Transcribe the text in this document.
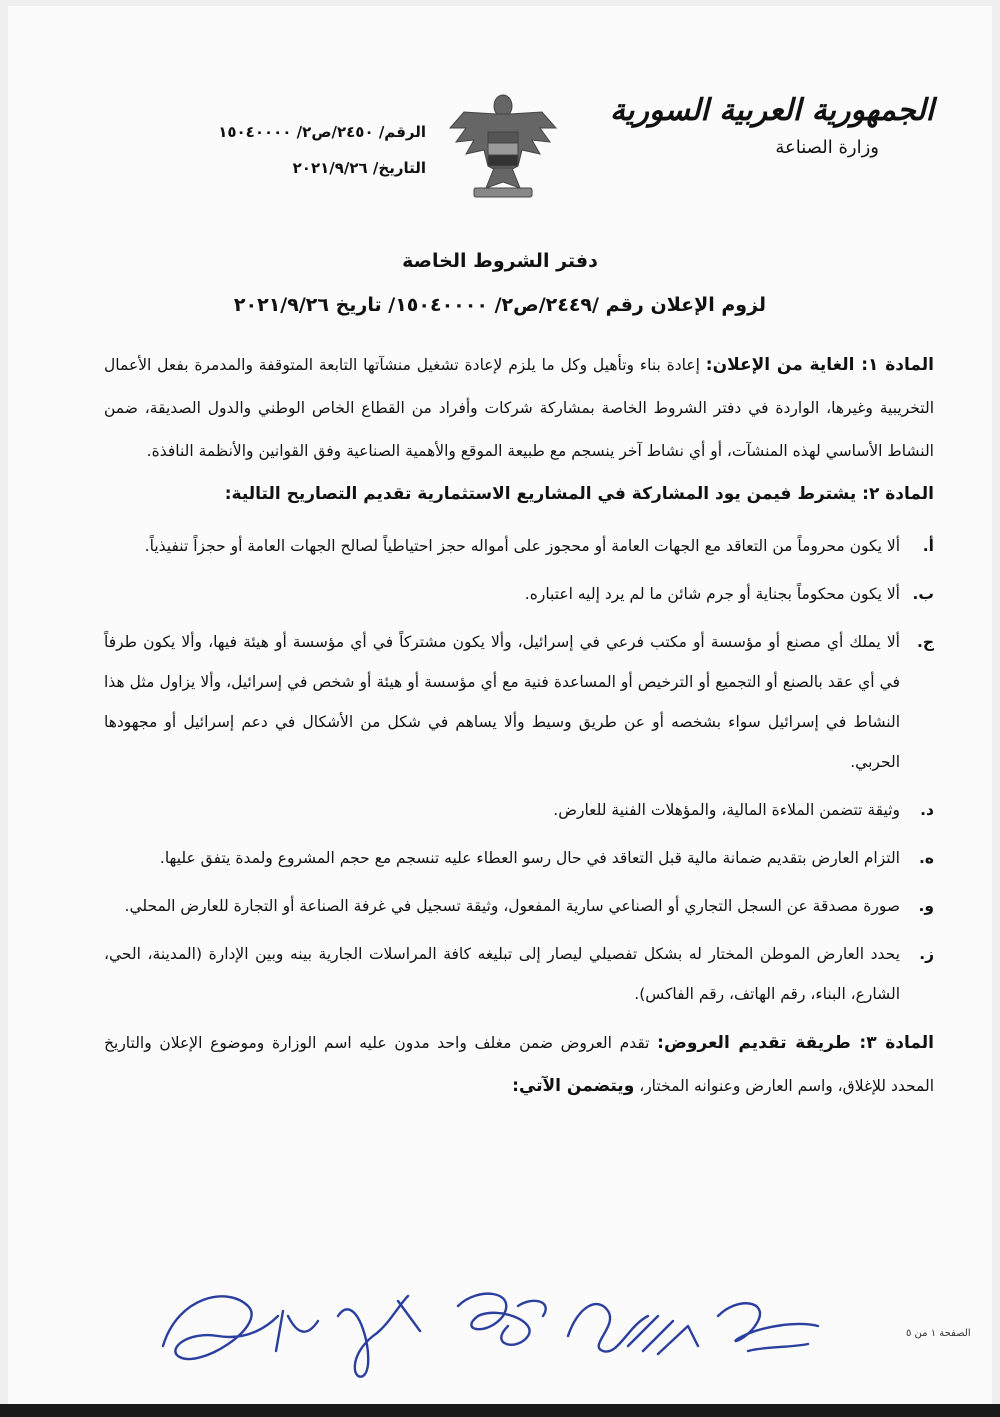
الجمهورية العربية السورية
وزارة الصناعة
الرقم/ ٢٤٥٠/ص٢/ ١٥٠٤٠٠٠٠
التاريخ/ ٢٠٢١/٩/٢٦
دفتر الشروط الخاصة
لزوم الإعلان رقم /٢٤٤٩/ص٢/ ١٥٠٤٠٠٠٠/ تاريخ ٢٠٢١/٩/٢٦

المادة ١: الغاية من الإعلان: إعادة بناء وتأهيل وكل ما يلزم لإعادة تشغيل منشآتها التابعة المتوقفة والمدمرة بفعل الأعمال التخريبية وغيرها، الواردة في دفتر الشروط الخاصة بمشاركة شركات وأفراد من القطاع الخاص الوطني والدول الصديقة، ضمن النشاط الأساسي لهذه المنشآت، أو أي نشاط آخر ينسجم مع طبيعة الموقع والأهمية الصناعية وفق القوانين والأنظمة النافذة.

المادة ٢: يشترط فيمن يود المشاركة في المشاريع الاستثمارية تقديم التصاريح التالية:

أ.
ألا يكون محروماً من التعاقد مع الجهات العامة أو محجوز على أمواله حجز احتياطياً لصالح الجهات العامة أو حجزاً تنفيذياً.
ب.
ألا يكون محكوماً بجناية أو جرم شائن ما لم يرد إليه اعتباره.
ج.
ألا يملك أي مصنع أو مؤسسة أو مكتب فرعي في إسرائيل، وألا يكون مشتركاً في أي مؤسسة أو هيئة فيها، وألا يكون طرفاً في أي عقد بالصنع أو التجميع أو الترخيص أو المساعدة فنية مع أي مؤسسة أو هيئة أو شخص في إسرائيل، وألا يزاول مثل هذا النشاط في إسرائيل سواء بشخصه أو عن طريق وسيط وألا يساهم في شكل من الأشكال في دعم إسرائيل أو مجهودها الحربي.
د.
وثيقة تتضمن الملاءة المالية، والمؤهلات الفنية للعارض.
ه.
التزام العارض بتقديم ضمانة مالية قبل التعاقد في حال رسو العطاء عليه تنسجم مع حجم المشروع ولمدة يتفق عليها.
و.
صورة مصدقة عن السجل التجاري أو الصناعي سارية المفعول، وثيقة تسجيل في غرفة الصناعة أو التجارة للعارض المحلي.
ز.
يحدد العارض الموطن المختار له بشكل تفصيلي ليصار إلى تبليغه كافة المراسلات الجارية بينه وبين الإدارة (المدينة، الحي، الشارع، البناء، رقم الهاتف، رقم الفاكس).

المادة ٣: طريقة تقديم العروض: تقدم العروض ضمن مغلف واحد مدون عليه اسم الوزارة وموضوع الإعلان والتاريخ المحدد للإغلاق، واسم العارض وعنوانه المختار، ويتضمن الآتي:

الصفحة ١ من ٥
